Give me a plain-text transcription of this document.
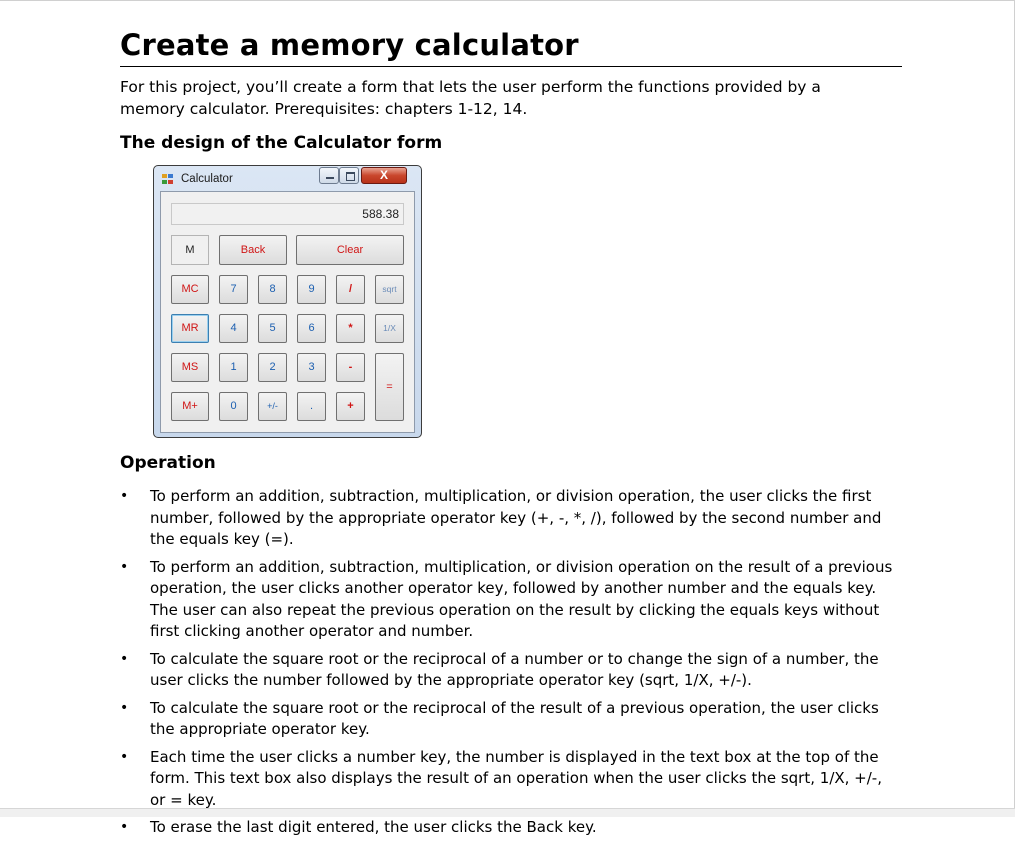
Create a memory calculator

For this project, you’ll create a form that lets the user perform the functions provided by a memory calculator. Prerequisites: chapters 1-12, 14.

The design of the Calculator form
Calculator	X
588.38
M	Back	Clear
MC	7	8	9	/	sqrt
MR	4	5	6	*	1/X
MS	1	2	3	-
=
M+	0	+/-	.	+
Operation
• To perform an addition, subtraction, multiplication, or division operation, the user clicks the first number, followed by the appropriate operator key (+, -, *, /), followed by the second number and the equals key (=).
• To perform an addition, subtraction, multiplication, or division operation on the result of a previous operation, the user clicks another operator key, followed by another number and the equals key. The user can also repeat the previous operation on the result by clicking the equals keys without first clicking another operator and number.
• To calculate the square root or the reciprocal of a number or to change the sign of a number, the user clicks the number followed by the appropriate operator key (sqrt, 1/X, +/-).
• To calculate the square root or the reciprocal of the result of a previous operation, the user clicks the appropriate operator key.
• Each time the user clicks a number key, the number is displayed in the text box at the top of the form. This text box also displays the result of an operation when the user clicks the sqrt, 1/X, +/-, or = key.
• To erase the last digit entered, the user clicks the Back key.
